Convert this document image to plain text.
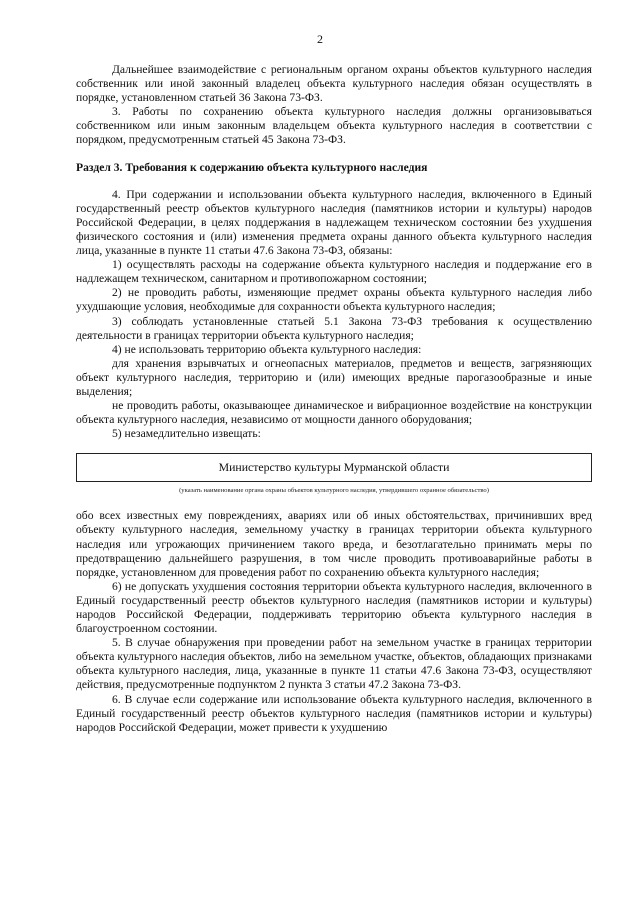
2

Дальнейшее взаимодействие с региональным органом охраны объектов культурного наследия собственник или иной законный владелец объекта культурного наследия обязан осуществлять в порядке, установленном статьей 36 Закона 73-ФЗ.

3. Работы по сохранению объекта культурного наследия должны организовываться собственником или иным законным владельцем объекта культурного наследия в соответствии с порядком, предусмотренным статьей 45 Закона 73-ФЗ.

Раздел 3. Требования к содержанию объекта культурного наследия

4. При содержании и использовании объекта культурного наследия, включенного в Единый государственный реестр объектов культурного наследия (памятников истории и культуры) народов Российской Федерации, в целях поддержания в надлежащем техническом состоянии без ухудшения физического состояния и (или) изменения предмета охраны данного объекта культурного наследия лица, указанные в пункте 11 статьи 47.6 Закона 73-ФЗ, обязаны:

1) осуществлять расходы на содержание объекта культурного наследия и поддержание его в надлежащем техническом, санитарном и противопожарном состоянии;

2) не проводить работы, изменяющие предмет охраны объекта культурного наследия либо ухудшающие условия, необходимые для сохранности объекта культурного наследия;

3) соблюдать установленные статьей 5.1 Закона 73-ФЗ требования к осуществлению деятельности в границах территории объекта культурного наследия;

4) не использовать территорию объекта культурного наследия:

для хранения взрывчатых и огнеопасных материалов, предметов и веществ, загрязняющих объект культурного наследия, территорию и (или) имеющих вредные парогазообразные и иные выделения;

не проводить работы, оказывающее динамическое и вибрационное воздействие на конструкции объекта культурного наследия, независимо от мощности данного оборудования;

5) незамедлительно извещать:

Министерство культуры Мурманской области
(указать наименование органа охраны объектов культурного наследия, утвердившего охранное обязательство)

обо всех известных ему повреждениях, авариях или об иных обстоятельствах, причинивших вред объекту культурного наследия, земельному участку в границах территории объекта культурного наследия или угрожающих причинением такого вреда, и безотлагательно принимать меры по предотвращению дальнейшего разрушения, в том числе проводить противоаварийные работы в порядке, установленном для проведения работ по сохранению объекта культурного наследия;

6) не допускать ухудшения состояния территории объекта культурного наследия, включенного в Единый государственный реестр объектов культурного наследия (памятников истории и культуры) народов Российской Федерации, поддерживать территорию объекта культурного наследия в благоустроенном состоянии.

5. В случае обнаружения при проведении работ на земельном участке в границах территории объекта культурного наследия объектов, либо на земельном участке, объектов, обладающих признаками объекта культурного наследия, лица, указанные в пункте 11 статьи 47.6 Закона 73-ФЗ, осуществляют действия, предусмотренные подпунктом 2 пункта 3 статьи 47.2 Закона 73-ФЗ.

6. В случае если содержание или использование объекта культурного наследия, включенного в Единый государственный реестр объектов культурного наследия (памятников истории и культуры) народов Российской Федерации, может привести к ухудшению
